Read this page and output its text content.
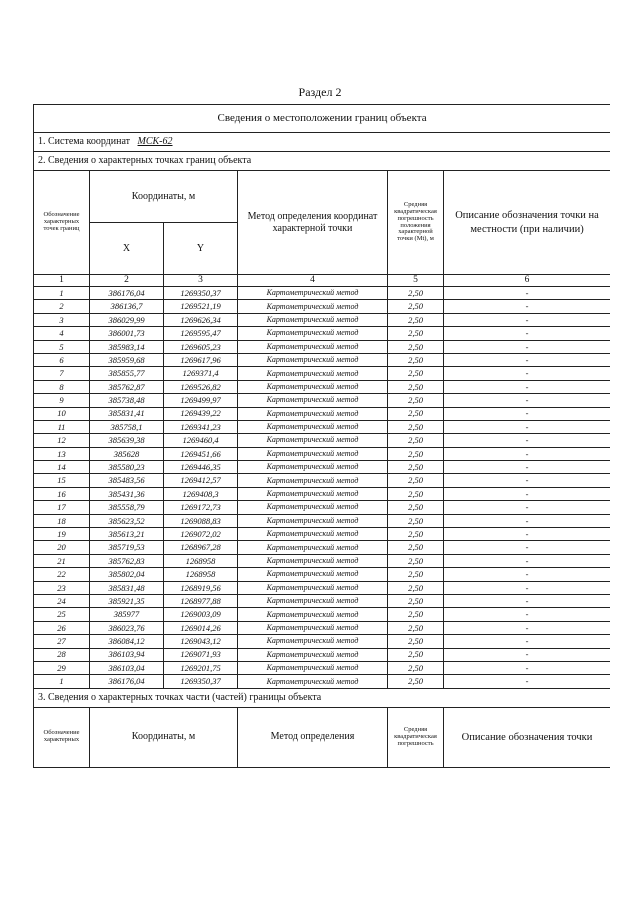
Раздел 2
Сведения о местоположении границ объекта					
1. Система координат МСК-62					
2. Сведения о характерных точках границ объекта					
Обозначение характерных точек границ	Координаты, м		Метод определения координат характерной точки	Средняя квадратическая погрешность положения характерной точки (Mt), м	Описание обозначения точки на местности (при наличии)
	X	Y			
1	2	3	4	5	6
1	386176,04	1269350,37	Картометрический метод	2,50	-
2	386136,7	1269521,19	Картометрический метод	2,50	-
3	386029,99	1269626,34	Картометрический метод	2,50	-
4	386001,73	1269595,47	Картометрический метод	2,50	-
5	385983,14	1269605,23	Картометрический метод	2,50	-
6	385959,68	1269617,96	Картометрический метод	2,50	-
7	385855,77	1269371,4	Картометрический метод	2,50	-
8	385762,87	1269526,82	Картометрический метод	2,50	-
9	385738,48	1269499,97	Картометрический метод	2,50	-
10	385831,41	1269439,22	Картометрический метод	2,50	-
11	385758,1	1269341,23	Картометрический метод	2,50	-
12	385639,38	1269460,4	Картометрический метод	2,50	-
13	385628	1269451,66	Картометрический метод	2,50	-
14	385580,23	1269446,35	Картометрический метод	2,50	-
15	385483,56	1269412,57	Картометрический метод	2,50	-
16	385431,36	1269408,3	Картометрический метод	2,50	-
17	385558,79	1269172,73	Картометрический метод	2,50	-
18	385623,52	1269088,83	Картометрический метод	2,50	-
19	385613,21	1269072,02	Картометрический метод	2,50	-
20	385719,53	1268967,28	Картометрический метод	2,50	-
21	385762,83	1268958	Картометрический метод	2,50	-
22	385802,04	1268958	Картометрический метод	2,50	-
23	385831,48	1268919,56	Картометрический метод	2,50	-
24	385921,35	1268977,88	Картометрический метод	2,50	-
25	385977	1269003,09	Картометрический метод	2,50	-
26	386023,76	1269014,26	Картометрический метод	2,50	-
27	386084,12	1269043,12	Картометрический метод	2,50	-
28	386103,94	1269071,93	Картометрический метод	2,50	-
29	386103,04	1269201,75	Картометрический метод	2,50	-
1	386176,04	1269350,37	Картометрический метод	2,50	-
3. Сведения о характерных точках части (частей) границы объекта					
Обозначение характерных	Координаты, м		Метод определения	Средняя квадратическая погрешность	Описание обозначения точки
